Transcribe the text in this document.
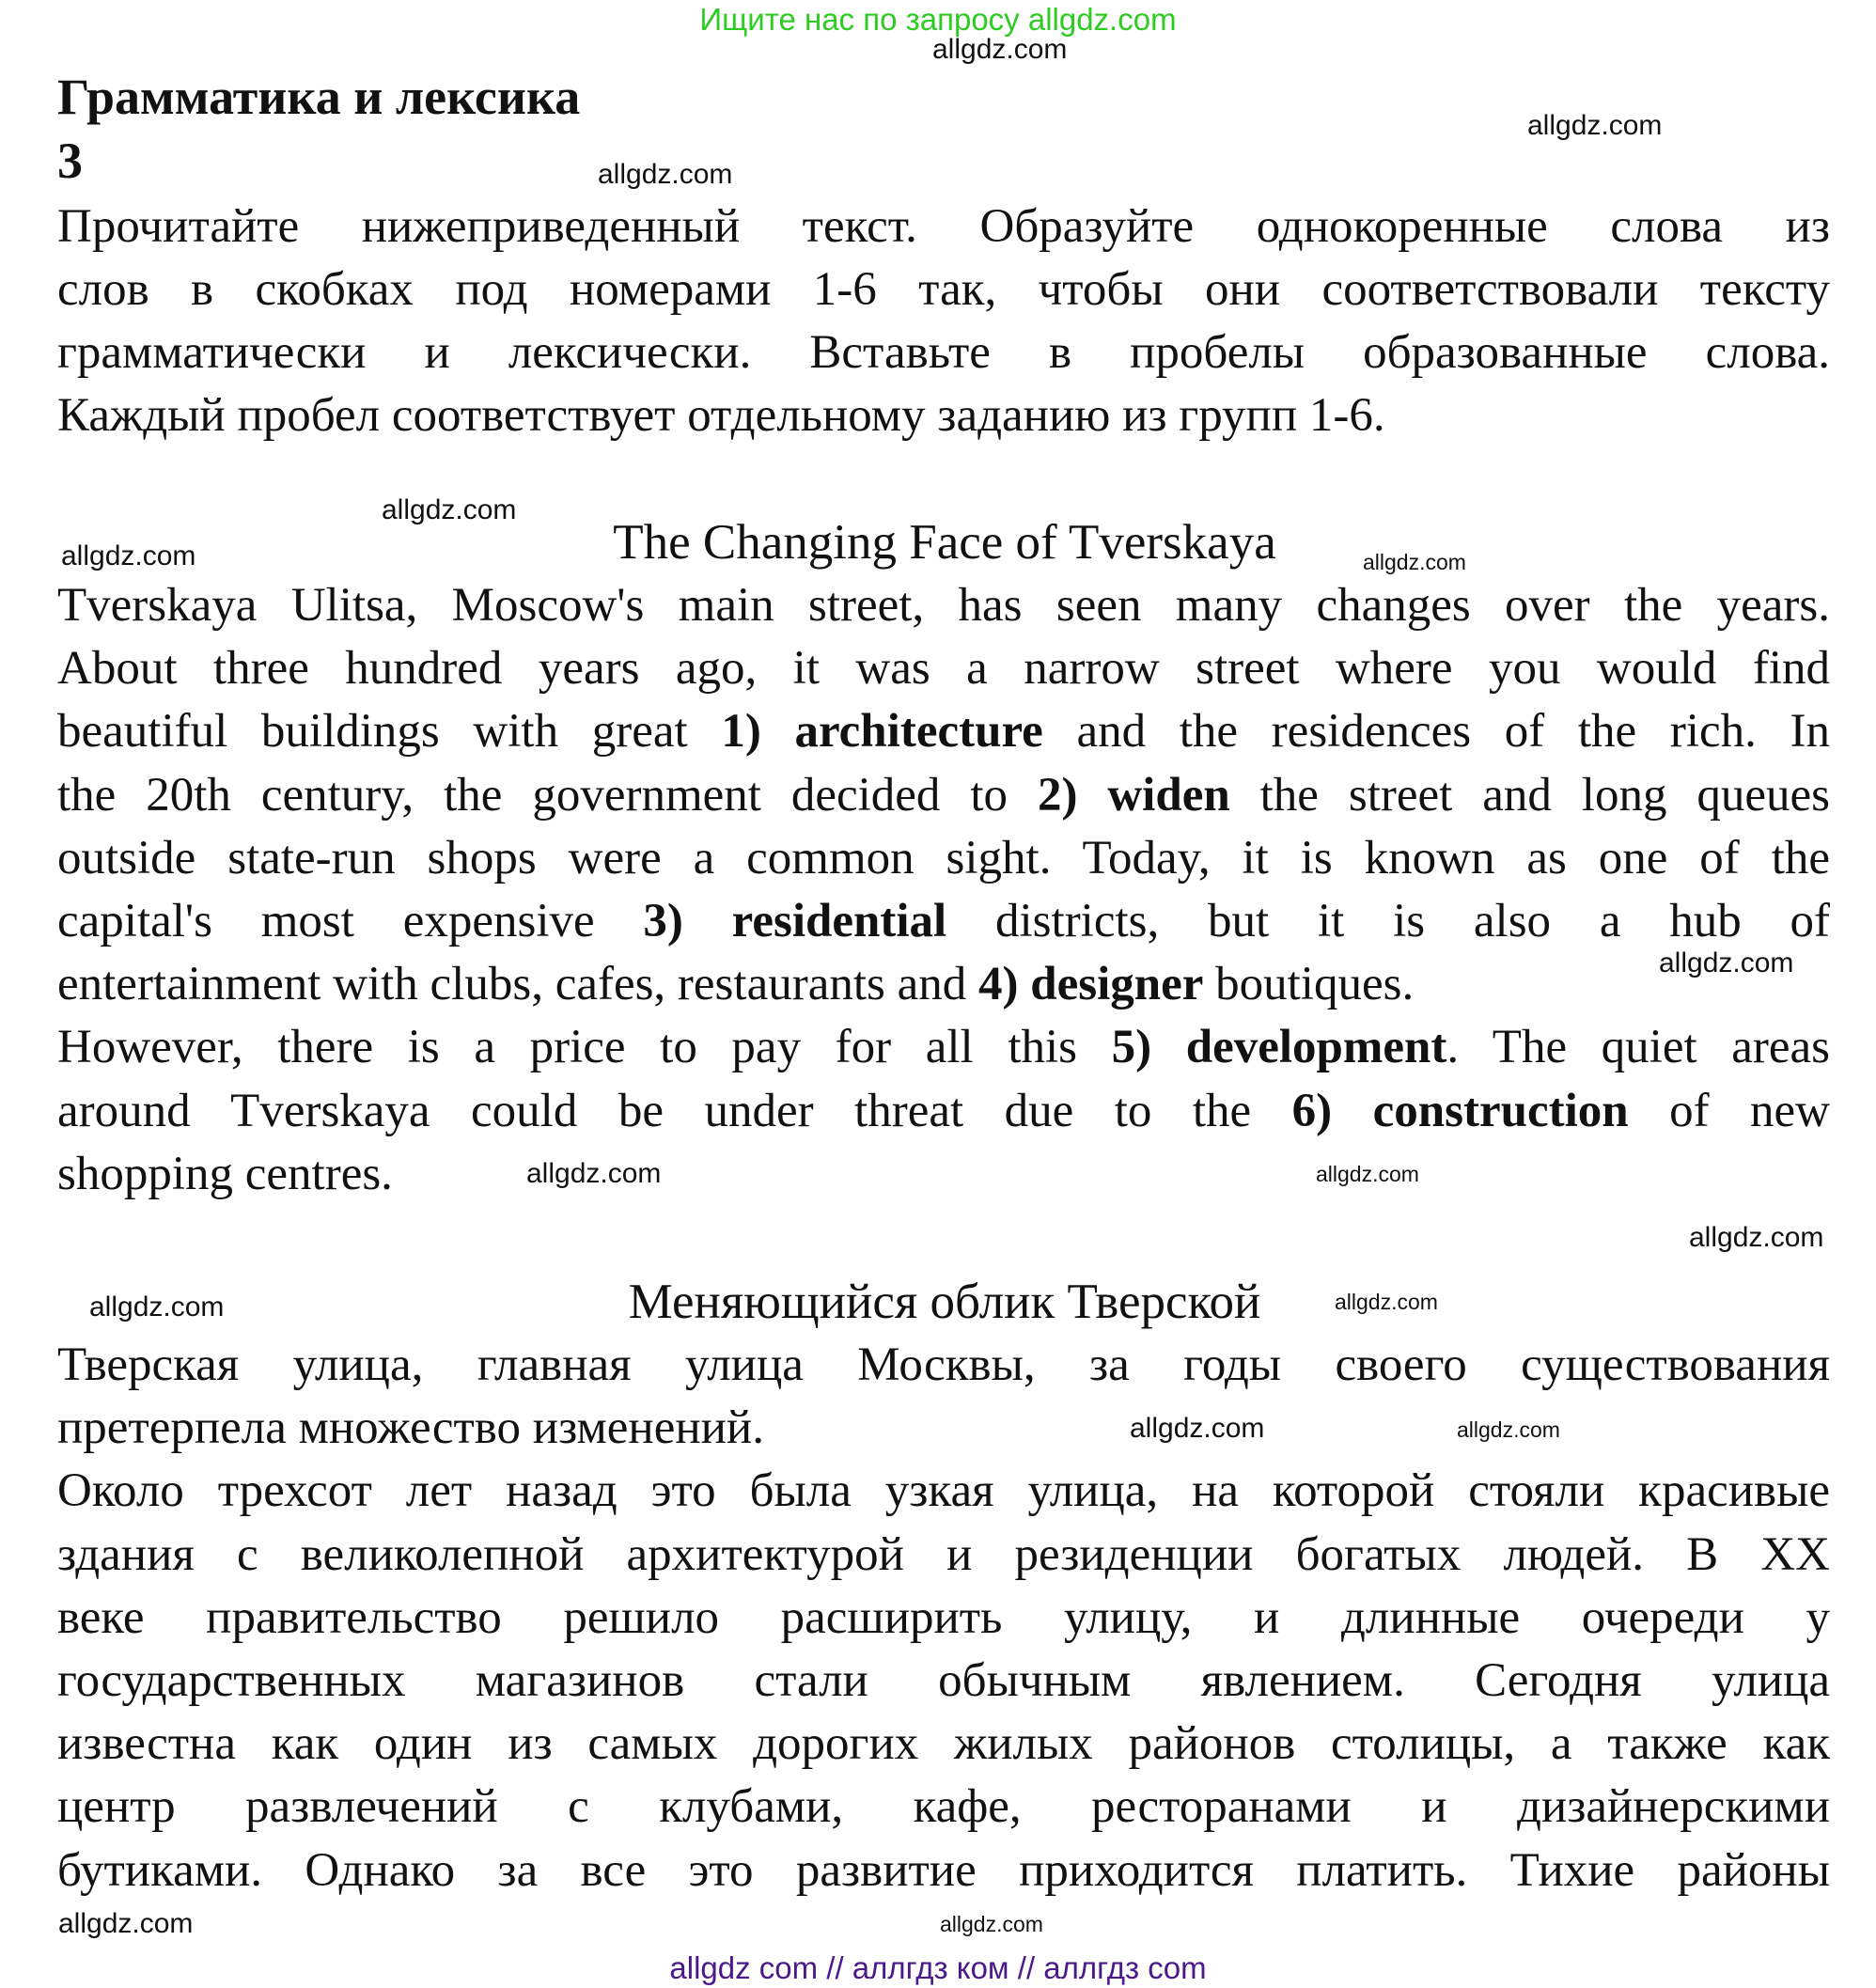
Ищите нас по запросу allgdz.com
Грамматика и лексика
3
Прочитайте нижеприведенный текст. Образуйте однокоренные слова из
слов в скобках под номерами 1-6 так, чтобы они соответствовали тексту
грамматически и лексически. Вставьте в пробелы образованные слова.
Каждый пробел соответствует отдельному заданию из групп 1-6.
The Changing Face of Tverskaya
Tverskaya Ulitsa, Moscow's main street, has seen many changes over the years.
About three hundred years ago, it was a narrow street where you would find
beautiful buildings with great 1) architecture and the residences of the rich. In
the 20th century, the government decided to 2) widen the street and long queues
outside state-run shops were a common sight. Today, it is known as one of the
capital's most expensive 3) residential districts, but it is also a hub of
entertainment with clubs, cafes, restaurants and 4) designer boutiques.
However, there is a price to pay for all this 5) development. The quiet areas
around Tverskaya could be under threat due to the 6) construction of new
shopping centres.
Меняющийся облик Тверской
Тверская улица, главная улица Москвы, за годы своего существования
претерпела множество изменений.
Около трехсот лет назад это была узкая улица, на которой стояли красивые
здания с великолепной архитектурой и резиденции богатых людей. В XX
веке правительство решило расширить улицу, и длинные очереди у
государственных магазинов стали обычным явлением. Сегодня улица
известна как один из самых дорогих жилых районов столицы, а также как
центр развлечений с клубами, кафе, ресторанами и дизайнерскими
бутиками. Однако за все это развитие приходится платить. Тихие районы
allgdz.com
allgdz.com
allgdz.com
allgdz.com
allgdz.com	allgdz.com
allgdz.com
allgdz.com
allgdz.com
allgdz.com
allgdz.com
allgdz.com	allgdz.com
allgdz.com
allgdz.com
allgdz.com
allgdz com // аллгдз ком // аллгдз com
